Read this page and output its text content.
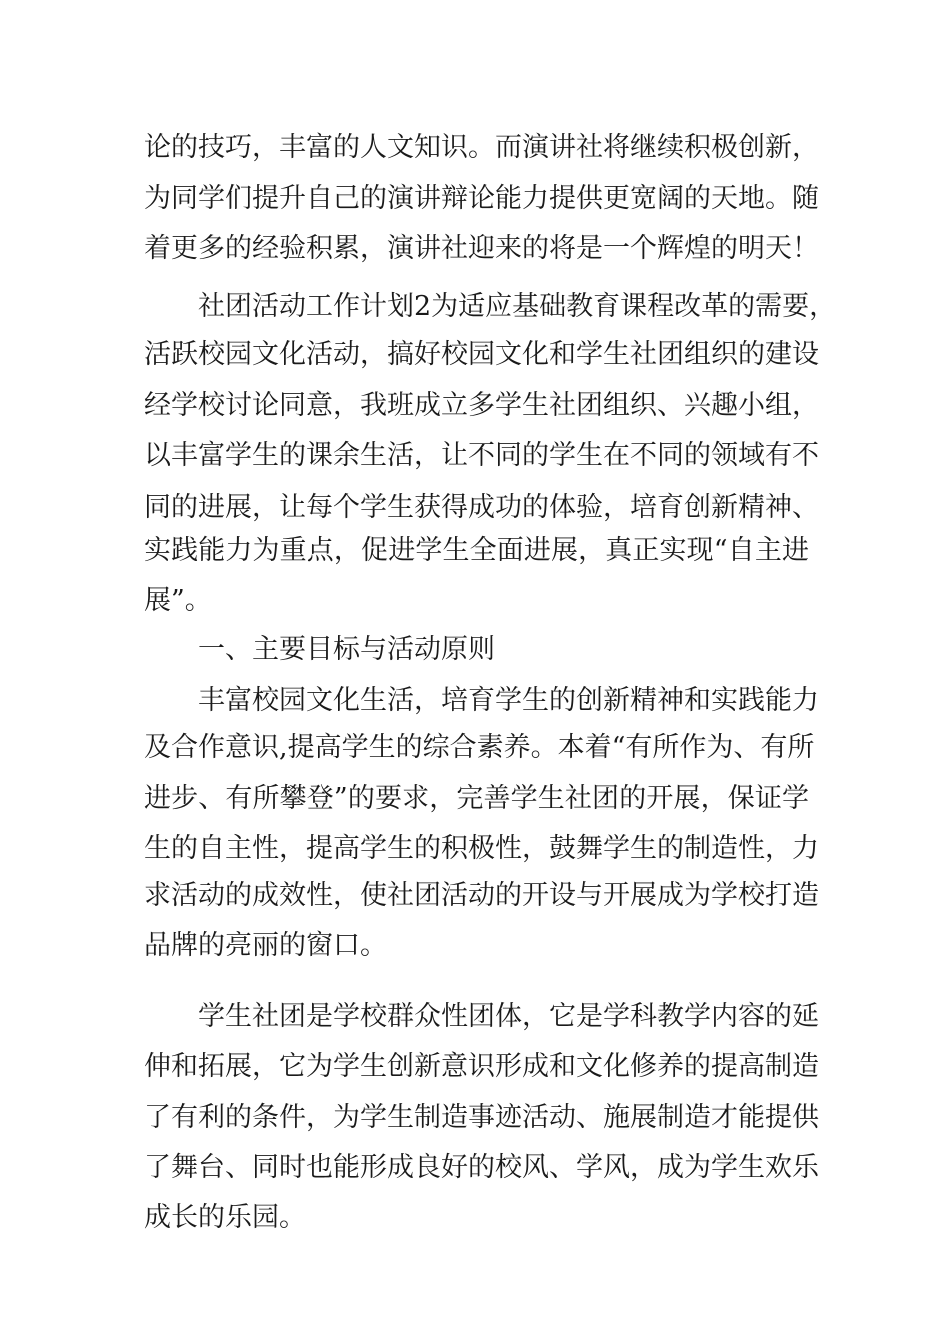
论的技巧，丰富的人文知识。而演讲社将继续积极创新，
为同学们提升自己的演讲辩论能力提供更宽阔的天地。随
着更多的经验积累，演讲社迎来的将是一个辉煌的明天！
社团活动工作计划2为适应基础教育课程改革的需要，
活跃校园文化活动，搞好校园文化和学生社团组织的建设
经学校讨论同意，我班成立多学生社团组织、兴趣小组，
以丰富学生的课余生活，让不同的学生在不同的领域有不
同的进展，让每个学生获得成功的体验，培育创新精神、
实践能力为重点，促进学生全面进展，真正实现“自主进
展”。
一、主要目标与活动原则
丰富校园文化生活，培育学生的创新精神和实践能力
及合作意识,提高学生的综合素养。本着“有所作为、有所
进步、有所攀登”的要求，完善学生社团的开展，保证学
生的自主性，提高学生的积极性，鼓舞学生的制造性，力
求活动的成效性，使社团活动的开设与开展成为学校打造
品牌的亮丽的窗口。
学生社团是学校群众性团体，它是学科教学内容的延
伸和拓展，它为学生创新意识形成和文化修养的提高制造
了有利的条件，为学生制造事迹活动、施展制造才能提供
了舞台、同时也能形成良好的校风、学风，成为学生欢乐
成长的乐园。
